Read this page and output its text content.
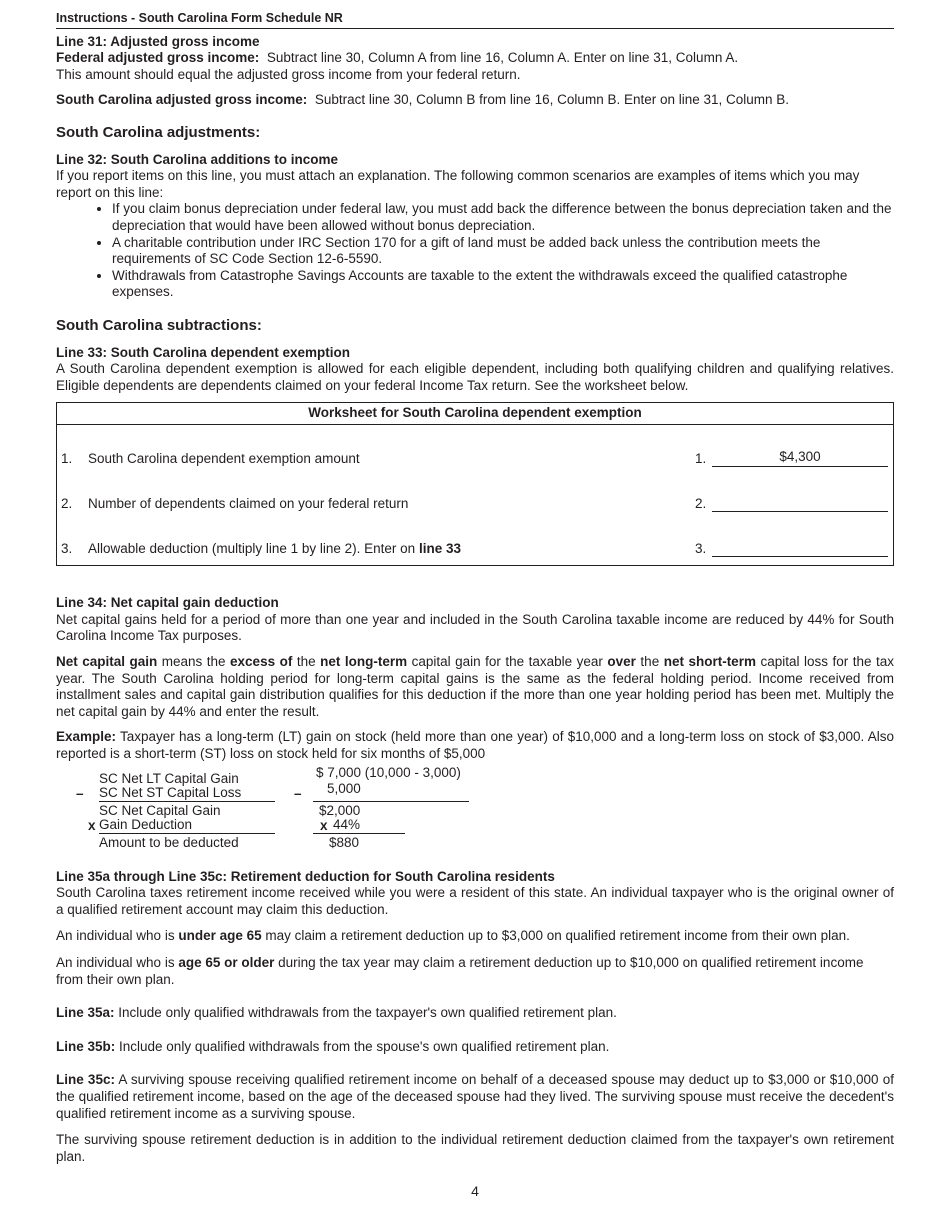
Instructions - South Carolina Form Schedule NR
Line 31: Adjusted gross income

Federal adjusted gross income: Subtract line 30, Column A from line 16, Column A. Enter on line 31, Column A.

This amount should equal the adjusted gross income from your federal return.

South Carolina adjusted gross income: Subtract line 30, Column B from line 16, Column B. Enter on line 31, Column B.

South Carolina adjustments:
Line 32: South Carolina additions to income

If you report items on this line, you must attach an explanation. The following common scenarios are examples of items which you may report on this line:

• If you claim bonus depreciation under federal law, you must add back the difference between the bonus depreciation taken and the depreciation that would have been allowed without bonus depreciation.
• A charitable contribution under IRC Section 170 for a gift of land must be added back unless the contribution meets the requirements of SC Code Section 12-6-5590.
• Withdrawals from Catastrophe Savings Accounts are taxable to the extent the withdrawals exceed the qualified catastrophe expenses.
South Carolina subtractions:
Line 33: South Carolina dependent exemption

A South Carolina dependent exemption is allowed for each eligible dependent, including both qualifying children and qualifying relatives. Eligible dependents are dependents claimed on your federal Income Tax return. See the worksheet below.

Worksheet for South Carolina dependent exemption
1. South Carolina dependent exemption amount	1.	$4,300
2. Number of dependents claimed on your federal return	2.
3. Allowable deduction (multiply line 1 by line 2). Enter on line 33	3.
Line 34: Net capital gain deduction

Net capital gains held for a period of more than one year and included in the South Carolina taxable income are reduced by 44% for South Carolina Income Tax purposes.

Net capital gain means the excess of the net long-term capital gain for the taxable year over the net short-term capital loss for the tax year. The South Carolina holding period for long-term capital gains is the same as the federal holding period. Income received from installment sales and capital gain distribution qualifies for this deduction if the more than one year holding period has been met. Multiply the net capital gain by 44% and enter the result.

Example: Taxpayer has a long-term (LT) gain on stock (held more than one year) of $10,000 and a long-term loss on stock of $3,000. Also reported is a short-term (ST) loss on stock held for six months of $5,000

SC Net LT Capital Gain	$ 7,000 (10,000 - 3,000)
– SC Net ST Capital Loss	– 5,000
SC Net Capital Gain	$2,000
x Gain Deduction	x 44%
Amount to be deducted	$880
Line 35a through Line 35c: Retirement deduction for South Carolina residents

South Carolina taxes retirement income received while you were a resident of this state. An individual taxpayer who is the original owner of a qualified retirement account may claim this deduction.

An individual who is under age 65 may claim a retirement deduction up to $3,000 on qualified retirement income from their own plan.

An individual who is age 65 or older during the tax year may claim a retirement deduction up to $10,000 on qualified retirement income from their own plan.

Line 35a: Include only qualified withdrawals from the taxpayer's own qualified retirement plan.

Line 35b: Include only qualified withdrawals from the spouse's own qualified retirement plan.

Line 35c: A surviving spouse receiving qualified retirement income on behalf of a deceased spouse may deduct up to $3,000 or $10,000 of the qualified retirement income, based on the age of the deceased spouse had they lived. The surviving spouse must receive the decedent's qualified retirement income as a surviving spouse.

The surviving spouse retirement deduction is in addition to the individual retirement deduction claimed from the taxpayer's own retirement plan.

4
